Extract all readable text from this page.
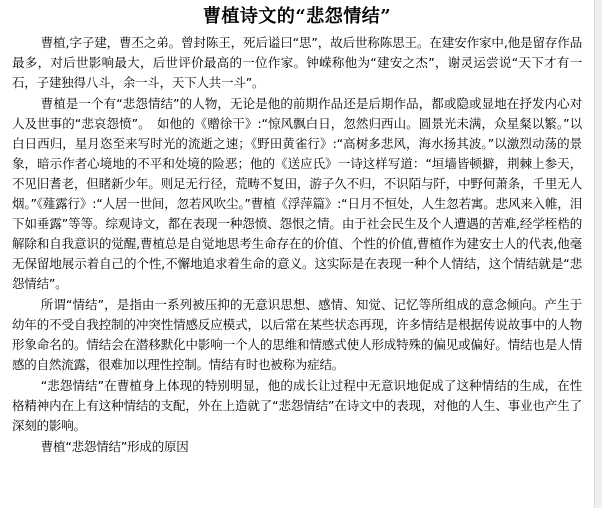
曹植诗文的“悲怨情结”

曹植,字子建，曹丕之弟。曾封陈王，死后谥曰“思”，故后世称陈思王。在建安作家中,他是留存作品最多，对后世影响最大，后世评价最高的一位作家。钟嵘称他为“建安之杰”，谢灵运尝说“天下才有一石，子建独得八斗，余一斗，天下人共一斗”。

曹植是一个有“悲怨情结”的人物，无论是他的前期作品还是后期作品，都或隐或显地在抒发内心对人及世事的“悲哀怨愤”。　如他的《赠徐干》:“惊风飘白日，忽然归西山。圆景光未满，众星粲以繁。”以白日西归，星月恣至来写时光的流逝之速；《野田黄雀行》:“高树多悲风，海水扬其波。”以激烈动荡的景象，暗示作者心境地的不平和处境的险恶；他的《送应氏》一诗这样写道：“垣墙皆顿擗，荆棘上参天，不见旧耆老，但睹新少年。则足无行径，荒畴不复田，游子久不归，不识陌与阡，中野何萧条，千里无人烟。”《薤露行》:“人居一世间，忽若风吹尘。”曹植《浮萍篇》:“日月不恒处，人生忽若寓。悲风来入帷，泪下如垂露”等等。综观诗文，都在表现一种怨愤、怨恨之情。由于社会民生及个人遭遇的苦难,经学桎梏的解除和自我意识的觉醒,曹植总是自觉地思考生命存在的价值、个性的价值,曹植作为建安士人的代表,他毫无保留地展示着自己的个性,不懈地追求着生命的意义。这实际是在表现一种个人情结，这个情结就是“悲怨情结”。

所谓“情结”，是指由一系列被压抑的无意识思想、感情、知觉、记忆等所组成的意念倾向。产生于幼年的不受自我控制的冲突性情感反应模式，以后常在某些状态再现，许多情结是根据传说故事中的人物形象命名的。情结会在潜移默化中影响一个人的思维和情感式使人形成特殊的偏见或偏好。情结也是人情感的自然流露，很难加以理性控制。情结有时也被称为症结。

“悲怨情结”在曹植身上体现的特别明显，他的成长让过程中无意识地促成了这种情结的生成，在性格精神内在上有这种情结的支配，外在上造就了“悲怨情结”在诗文中的表现，对他的人生、事业也产生了深刻的影响。

曹植“悲怨情结”形成的原因
